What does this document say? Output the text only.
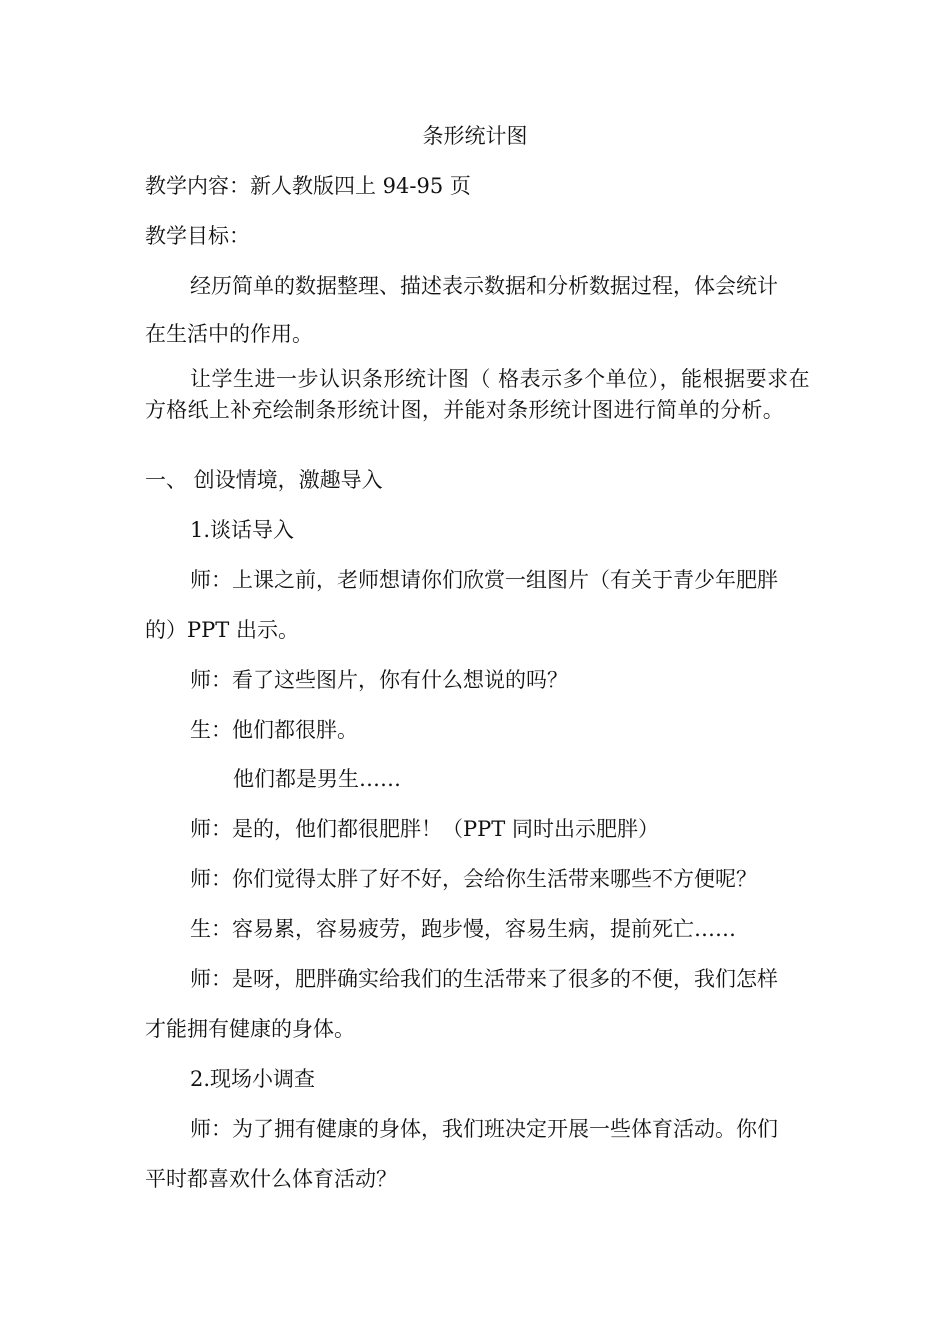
条形统计图
教学内容：新人教版四上 94-95 页
教学目标：
经历简单的数据整理、描述表示数据和分析数据过程，体会统计
在生活中的作用。
让学生进一步认识条形统计图（ 格表示多个单位），能根据要求在方格纸上补充绘制条形统计图，并能对条形统计图进行简单的分析。
一、 创设情境，激趣导入
1.谈话导入
师：上课之前，老师想请你们欣赏一组图片（有关于青少年肥胖
的）PPT 出示。
师：看了这些图片，你有什么想说的吗？
生：他们都很胖。
他们都是男生……
师：是的，他们都很肥胖！（PPT 同时出示肥胖）
师：你们觉得太胖了好不好，会给你生活带来哪些不方便呢？
生：容易累，容易疲劳，跑步慢，容易生病，提前死亡……
师：是呀，肥胖确实给我们的生活带来了很多的不便，我们怎样
才能拥有健康的身体。
2.现场小调查
师：为了拥有健康的身体，我们班决定开展一些体育活动。你们
平时都喜欢什么体育活动？
